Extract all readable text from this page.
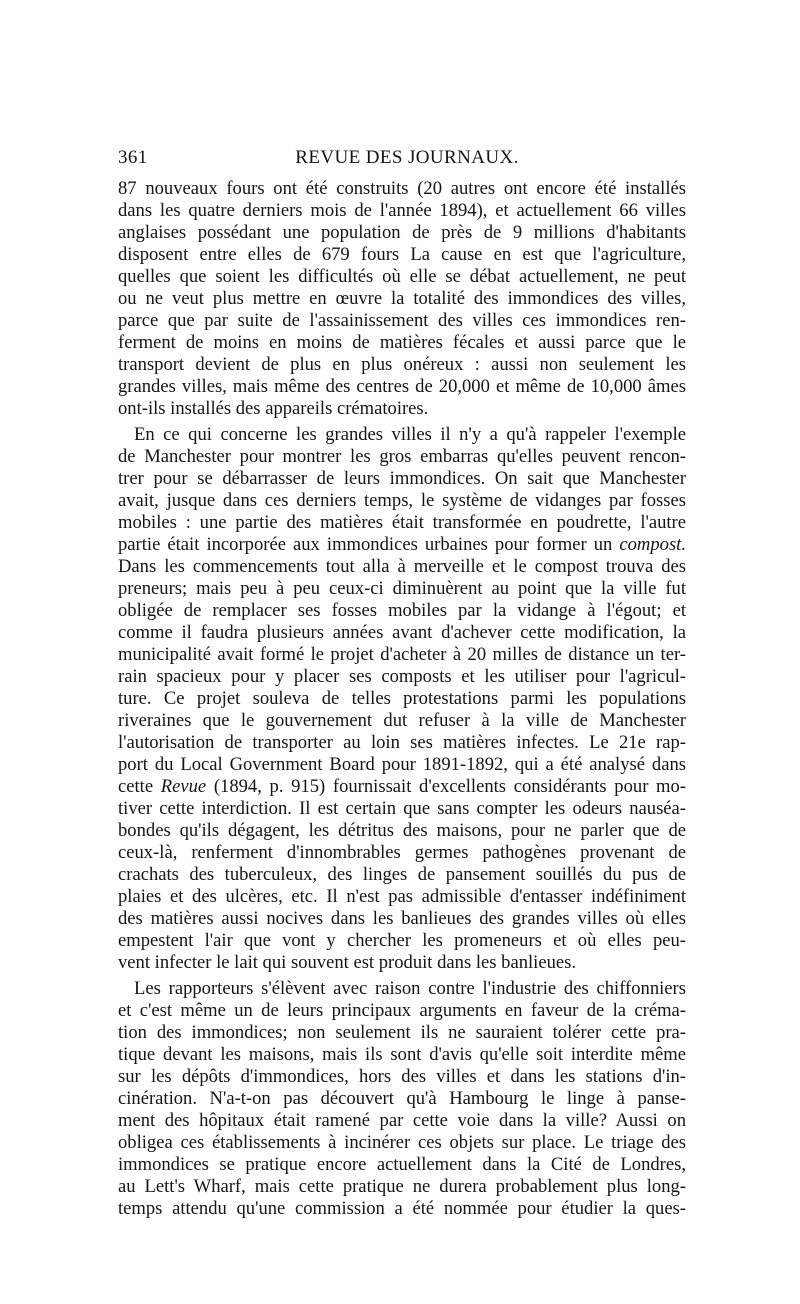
361	REVUE DES JOURNAUX.
87 nouveaux fours ont été construits (20 autres ont encore été installés
dans les quatre derniers mois de l'année 1894), et actuellement 66 villes
anglaises possédant une population de près de 9 millions d'habitants
disposent entre elles de 679 fours La cause en est que l'agriculture,
quelles que soient les difficultés où elle se débat actuellement, ne peut
ou ne veut plus mettre en œuvre la totalité des immondices des villes,
parce que par suite de l'assainissement des villes ces immondices ren-
ferment de moins en moins de matières fécales et aussi parce que le
transport devient de plus en plus onéreux : aussi non seulement les
grandes villes, mais même des centres de 20,000 et même de 10,000 âmes
ont-ils installés des appareils crématoires.
En ce qui concerne les grandes villes il n'y a qu'à rappeler l'exemple
de Manchester pour montrer les gros embarras qu'elles peuvent rencon-
trer pour se débarrasser de leurs immondices. On sait que Manchester
avait, jusque dans ces derniers temps, le système de vidanges par fosses
mobiles : une partie des matières était transformée en poudrette, l'autre
partie était incorporée aux immondices urbaines pour former un compost.
Dans les commencements tout alla à merveille et le compost trouva des
preneurs; mais peu à peu ceux-ci diminuèrent au point que la ville fut
obligée de remplacer ses fosses mobiles par la vidange à l'égout; et
comme il faudra plusieurs années avant d'achever cette modification, la
municipalité avait formé le projet d'acheter à 20 milles de distance un ter-
rain spacieux pour y placer ses composts et les utiliser pour l'agricul-
ture. Ce projet souleva de telles protestations parmi les populations
riveraines que le gouvernement dut refuser à la ville de Manchester
l'autorisation de transporter au loin ses matières infectes. Le 21e rap-
port du Local Government Board pour 1891-1892, qui a été analysé dans
cette Revue (1894, p. 915) fournissait d'excellents considérants pour mo-
tiver cette interdiction. Il est certain que sans compter les odeurs nauséa-
bondes qu'ils dégagent, les détritus des maisons, pour ne parler que de
ceux-là, renferment d'innombrables germes pathogènes provenant de
crachats des tuberculeux, des linges de pansement souillés du pus de
plaies et des ulcères, etc. Il n'est pas admissible d'entasser indéfiniment
des matières aussi nocives dans les banlieues des grandes villes où elles
empestent l'air que vont y chercher les promeneurs et où elles peu-
vent infecter le lait qui souvent est produit dans les banlieues.
Les rapporteurs s'élèvent avec raison contre l'industrie des chiffonniers
et c'est même un de leurs principaux arguments en faveur de la créma-
tion des immondices; non seulement ils ne sauraient tolérer cette pra-
tique devant les maisons, mais ils sont d'avis qu'elle soit interdite même
sur les dépôts d'immondices, hors des villes et dans les stations d'in-
cinération. N'a-t-on pas découvert qu'à Hambourg le linge à panse-
ment des hôpitaux était ramené par cette voie dans la ville? Aussi on
obligea ces établissements à incinérer ces objets sur place. Le triage des
immondices se pratique encore actuellement dans la Cité de Londres,
au Lett's Wharf, mais cette pratique ne durera probablement plus long-
temps attendu qu'une commission a été nommée pour étudier la ques-
